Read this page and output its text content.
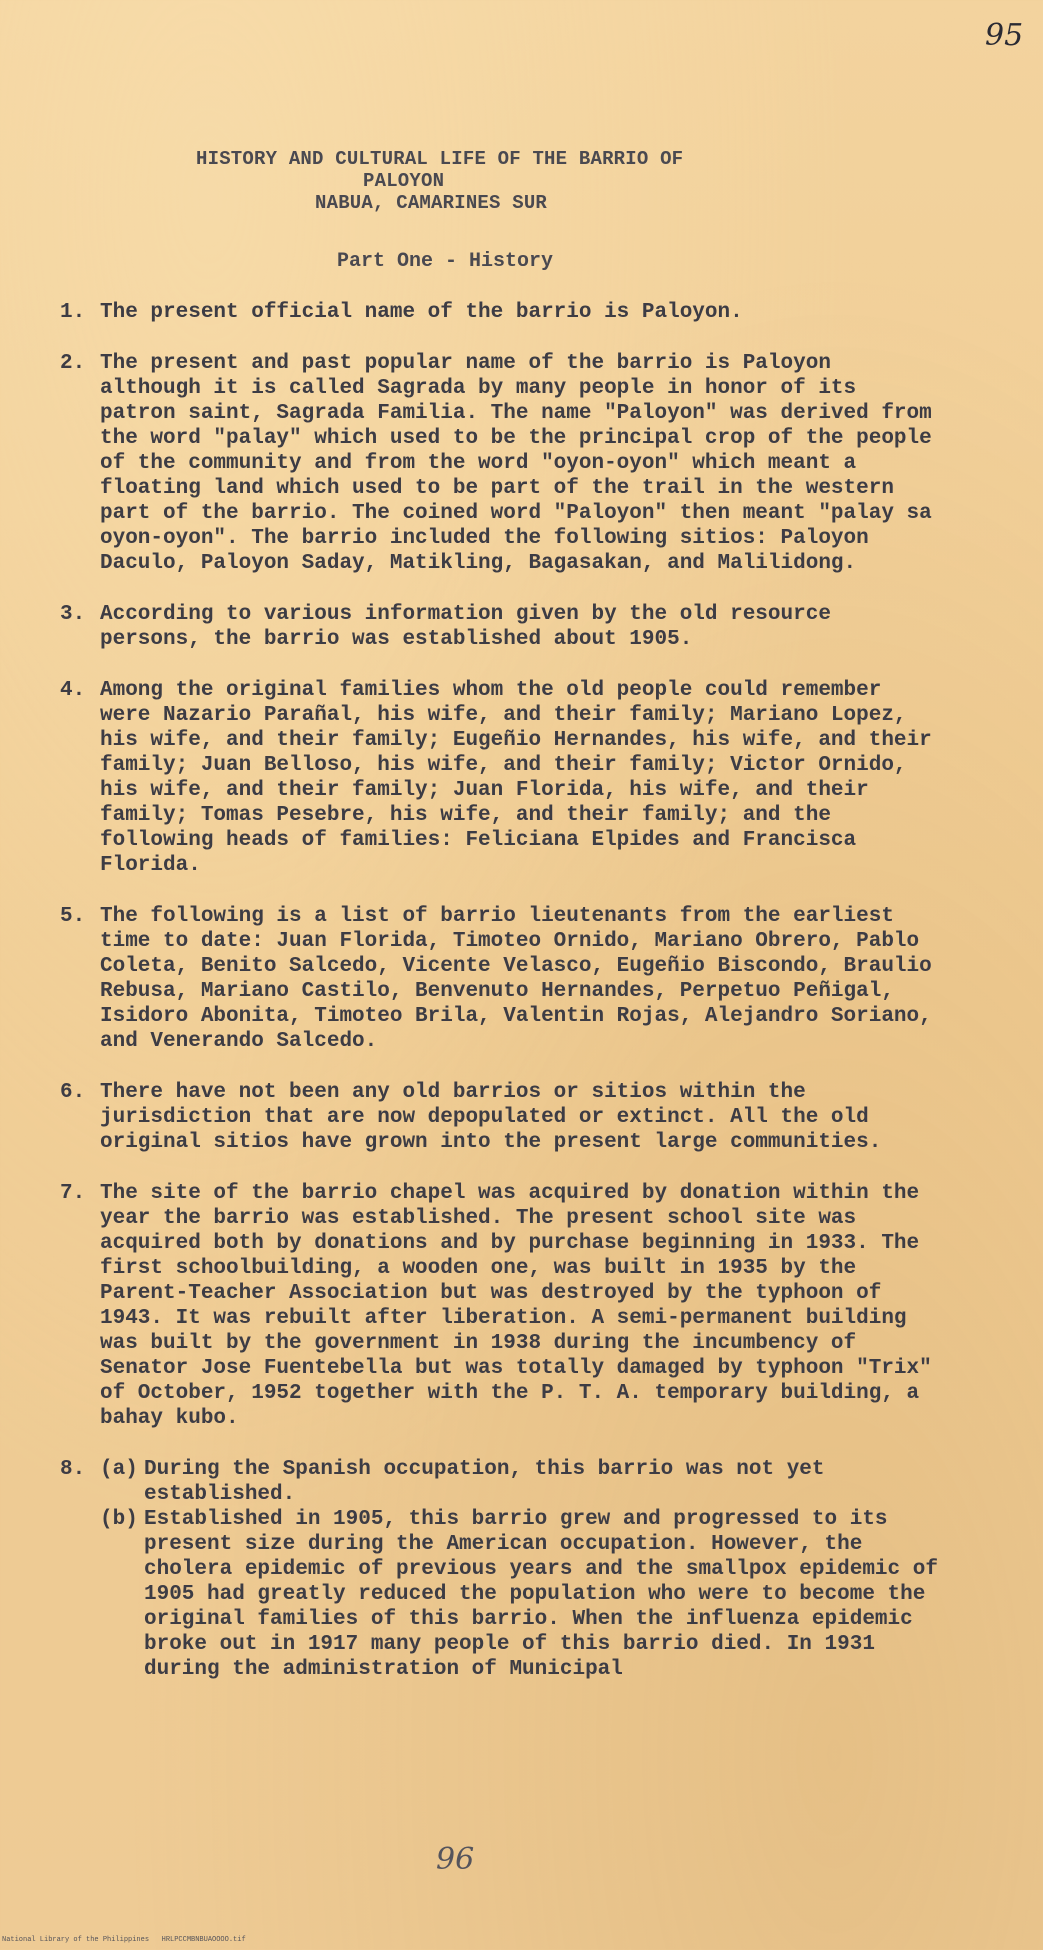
95
HISTORY AND CULTURAL LIFE OF THE BARRIO OF
PALOYON
NABUA, CAMARINES SUR
Part One - History
1. The present official name of the barrio is Paloyon.
2. The present and past popular name of the barrio is Paloyon although it is called Sagrada by many people in honor of its patron saint, Sagrada Familia. The name "Paloyon" was derived from the word "palay" which used to be the principal crop of the people of the community and from the word "oyon-oyon" which meant a floating land which used to be part of the trail in the western part of the barrio. The coined word "Paloyon" then meant "palay sa oyon-oyon". The barrio included the following sitios: Paloyon Daculo, Paloyon Saday, Matikling, Bagasakan, and Malilidong.
3. According to various information given by the old resource persons, the barrio was established about 1905.
4. Among the original families whom the old people could remember were Nazario Parañal, his wife, and their family; Mariano Lopez, his wife, and their family; Eugeñio Hernandes, his wife, and their family; Juan Belloso, his wife, and their family; Victor Ornido, his wife, and their family; Juan Florida, his wife, and their family; Tomas Pesebre, his wife, and their family; and the following heads of families: Feliciana Elpides and Francisca Florida.
5. The following is a list of barrio lieutenants from the earliest time to date: Juan Florida, Timoteo Ornido, Mariano Obrero, Pablo Coleta, Benito Salcedo, Vicente Velasco, Eugeñio Biscondo, Braulio Rebusa, Mariano Castilo, Benvenuto Hernandes, Perpetuo Peñigal, Isidoro Abonita, Timoteo Brila, Valentin Rojas, Alejandro Soriano, and Venerando Salcedo.
6. There have not been any old barrios or sitios within the jurisdiction that are now depopulated or extinct. All the old original sitios have grown into the present large communities.
7. The site of the barrio chapel was acquired by donation within the year the barrio was established. The present school site was acquired both by donations and by purchase beginning in 1933. The first schoolbuilding, a wooden one, was built in 1935 by the Parent-Teacher Association but was destroyed by the typhoon of 1943. It was rebuilt after liberation. A semi-permanent building was built by the government in 1938 during the incumbency of Senator Jose Fuentebella but was totally damaged by typhoon "Trix" of October, 1952 together with the P. T. A. temporary building, a bahay kubo.
8. (a) During the Spanish occupation, this barrio was not yet established.
(b) Established in 1905, this barrio grew and progressed to its present size during the American occupation. However, the cholera epidemic of previous years and the smallpox epidemic of 1905 had greatly reduced the population who were to become the original families of this barrio. When the influenza epidemic broke out in 1917 many people of this barrio died. In 1931 during the administration of Municipal
96
National Library of the Philippines   HRLPCCMBNBUAOOOO.tif
